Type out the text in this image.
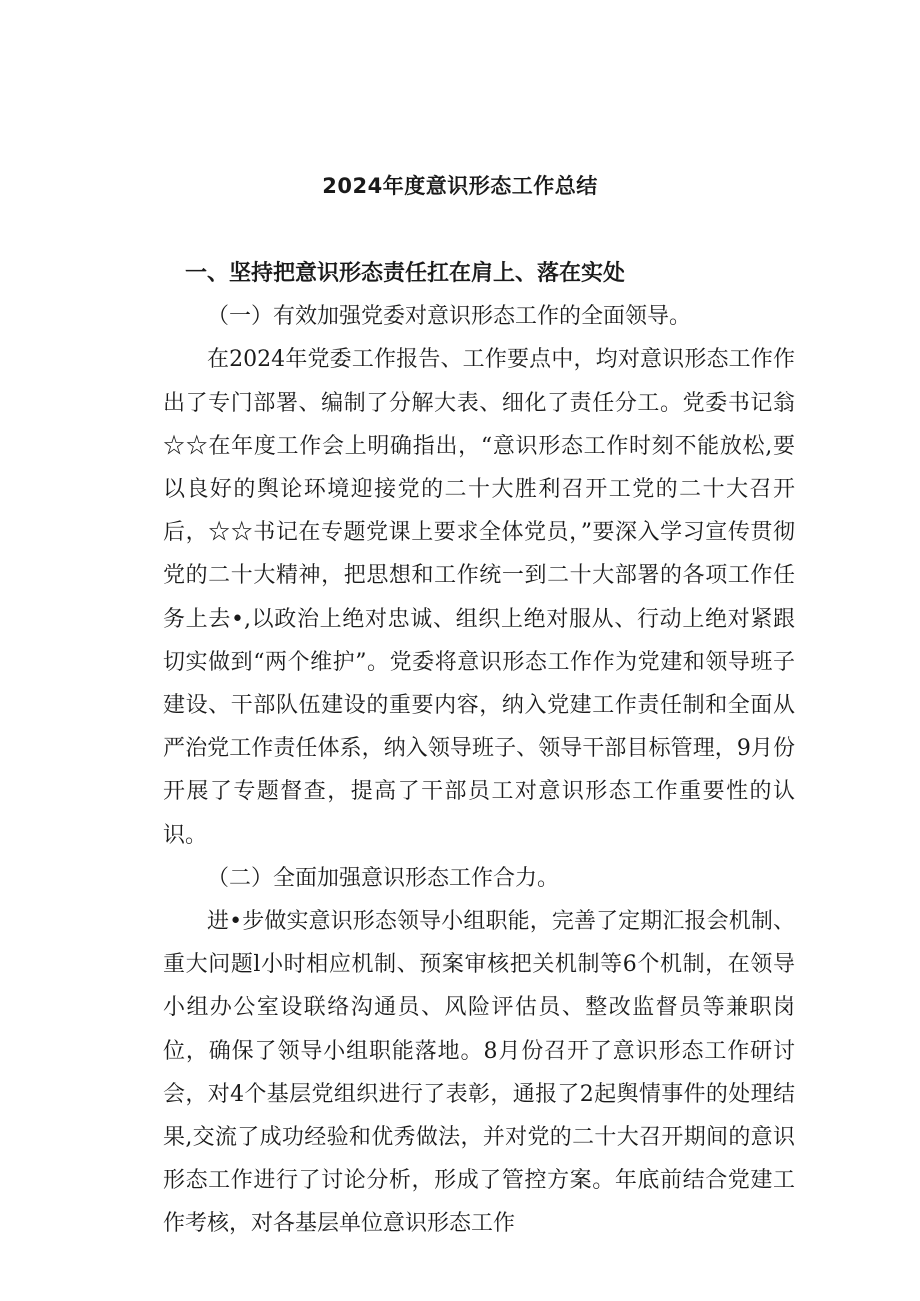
2024年度意识形态工作总结

一、坚持把意识形态责任扛在肩上、落在实处

（一）有效加强党委对意识形态工作的全面领导。

在2024年党委工作报告、工作要点中，均对意识形态工作作出了专门部署、编制了分解大表、细化了责任分工。党委书记翁☆☆在年度工作会上明确指出，“意识形态工作时刻不能放松,要以良好的舆论环境迎接党的二十大胜利召开工党的二十大召开后，☆☆书记在专题党课上要求全体党员，”要深入学习宣传贯彻党的二十大精神，把思想和工作统一到二十大部署的各项工作任务上去•,以政治上绝对忠诚、组织上绝对服从、行动上绝对紧跟切实做到“两个维护”。党委将意识形态工作作为党建和领导班子建设、干部队伍建设的重要内容，纳入党建工作责任制和全面从严治党工作责任体系，纳入领导班子、领导干部目标管理，9月份开展了专题督查，提高了干部员工对意识形态工作重要性的认识。

（二）全面加强意识形态工作合力。

进•步做实意识形态领导小组职能，完善了定期汇报会机制、重大问题l小时相应机制、预案审核把关机制等6个机制，在领导小组办公室设联络沟通员、风险评估员、整改监督员等兼职岗位，确保了领导小组职能落地。8月份召开了意识形态工作研讨会，对4个基层党组织进行了表彰，通报了2起舆情事件的处理结果,交流了成功经验和优秀做法，并对党的二十大召开期间的意识形态工作进行了讨论分析，形成了管控方案。年底前结合党建工作考核，对各基层单位意识形态工作
